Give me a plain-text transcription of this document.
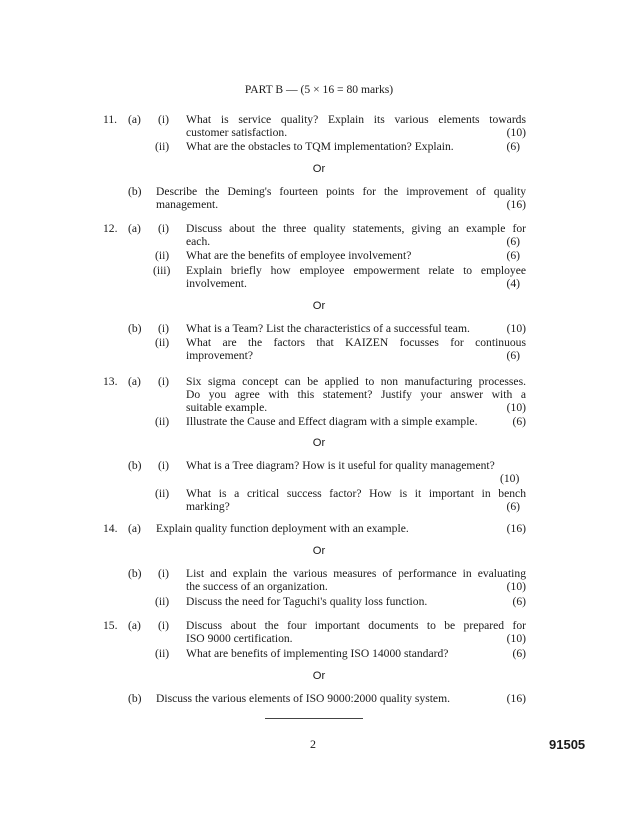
PART B — (5 × 16 = 80 marks)
11. (a) (i) What is service quality? Explain its various elements towards
customer satisfaction.	(10)
(ii) What are the obstacles to TQM implementation? Explain.	(6)
Or
(b) Describe the Deming's fourteen points for the improvement of quality
management.	(16)
12. (a) (i) Discuss about the three quality statements, giving an example for
each.	(6)
(ii) What are the benefits of employee involvement?	(6)
(iii) Explain briefly how employee empowerment relate to employee
involvement.	(4)
Or
(b) (i) What is a Team? List the characteristics of a successful team.	(10)
(ii) What are the factors that KAIZEN focusses for continuous
improvement?	(6)
13. (a) (i) Six sigma concept can be applied to non manufacturing processes.
Do you agree with this statement? Justify your answer with a
suitable example.	(10)
(ii) Illustrate the Cause and Effect diagram with a simple example.	(6)
Or
(b) (i) What is a Tree diagram? How is it useful for quality management?
(10)
(ii) What is a critical success factor? How is it important in bench
marking?	(6)
14. (a) Explain quality function deployment with an example.	(16)
Or
(b) (i) List and explain the various measures of performance in evaluating
the success of an organization.	(10)
(ii) Discuss the need for Taguchi's quality loss function.	(6)
15. (a) (i) Discuss about the four important documents to be prepared for
ISO 9000 certification.	(10)
(ii) What are benefits of implementing ISO 14000 standard?	(6)
Or
(b) Discuss the various elements of ISO 9000:2000 quality system.	(16)
2	91505
